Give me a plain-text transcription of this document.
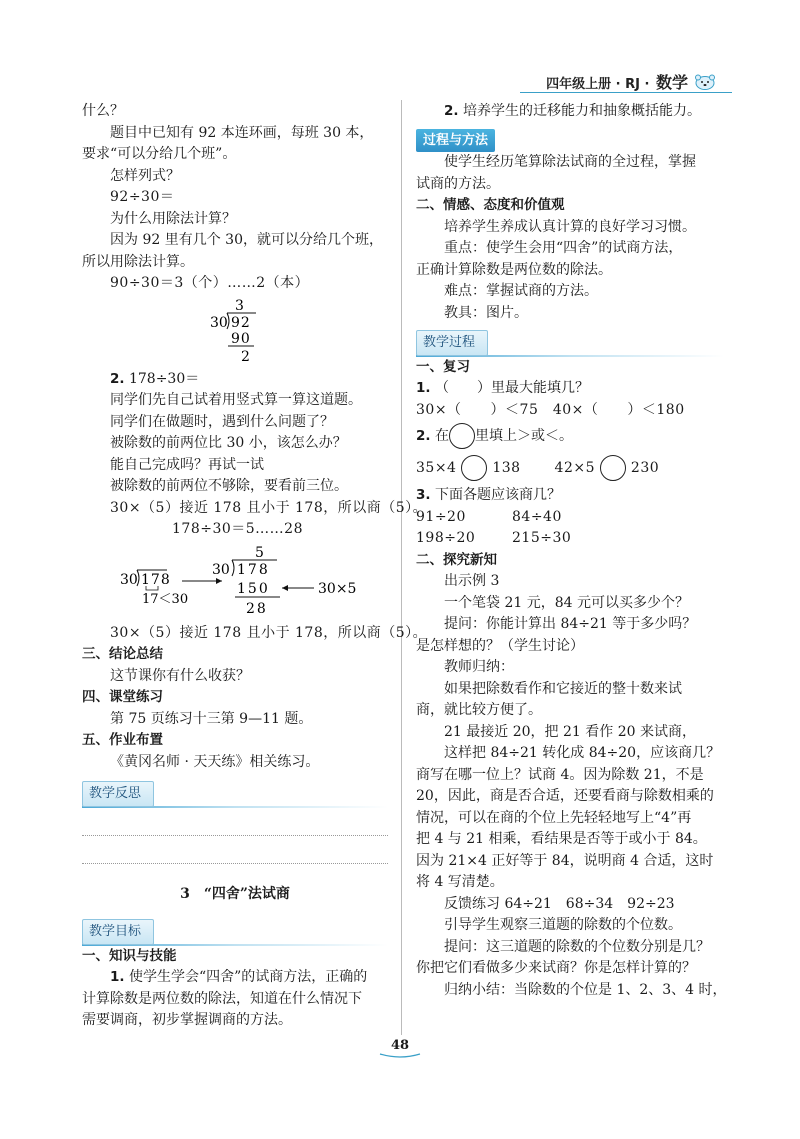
四年级上册 · RJ · 数学
什么？
题目中已知有 92 本连环画，每班 30 本，
要求“可以分给几个班”。
怎样列式？
92÷30＝
为什么用除法计算？
因为 92 里有几个 30，就可以分给几个班，
所以用除法计算。
90÷30＝3（个）……2（本）
3
30 92
90
2
2. 178÷30＝
同学们先自己试着用竖式算一算这道题。
同学们在做题时，遇到什么问题了？
被除数的前两位比 30 小，该怎么办？
能自己完成吗？再试一试
被除数的前两位不够除，要看前三位。
30×（5）接近 178 且小于 178，所以商（5）。
178÷30＝5……28
30 178
17＜30
5
30 178
150
28
30×5
30×（5）接近 178 且小于 178，所以商（5）。
三、结论总结
这节课你有什么收获？
四、课堂练习
第 75 页练习十三第 9—11 题。
五、作业布置
《黄冈名师 · 天天练》相关练习。
教学反思
3　 “四舍”法试商
教学目标
一、知识与技能
1. 使学生学会“四舍”的试商方法，正确的
计算除数是两位数的除法，知道在什么情况下
需要调商，初步掌握调商的方法。
2. 培养学生的迁移能力和抽象概括能力。
过程与方法
使学生经历笔算除法试商的全过程，掌握
试商的方法。
二、情感、态度和价值观
培养学生养成认真计算的良好学习习惯。
重点：使学生会用“四舍”的试商方法，
正确计算除数是两位数的除法。
难点：掌握试商的方法。
教具：图片。
教学过程
一、复习
1. （　　）里最大能填几？
30×（　　）＜75　40×（　　）＜180
2. 在 里填上＞或＜。
35×4	138　　 42×5	230
3. 下面各题应该商几？
91÷20	84÷40
198÷20	215÷30
二、探究新知
出示例 3
一个笔袋 21 元，84 元可以买多少个？
提问：你能计算出 84÷21 等于多少吗？
是怎样想的？（学生讨论）
教师归纳：
如果把除数看作和它接近的整十数来试
商，就比较方便了。
21 最接近 20，把 21 看作 20 来试商，
这样把 84÷21 转化成 84÷20，应该商几？
商写在哪一位上？试商 4。因为除数 21，不是
20，因此，商是否合适，还要看商与除数相乘的
情况，可以在商的个位上先轻轻地写上“4”再
把 4 与 21 相乘，看结果是否等于或小于 84。
因为 21×4 正好等于 84，说明商 4 合适，这时
将 4 写清楚。
反馈练习 64÷21　68÷34　92÷23
引导学生观察三道题的除数的个位数。
提问：这三道题的除数的个位数分别是几？
你把它们看做多少来试商？你是怎样计算的？
归纳小结：当除数的个位是 1、2、3、4 时，
48
